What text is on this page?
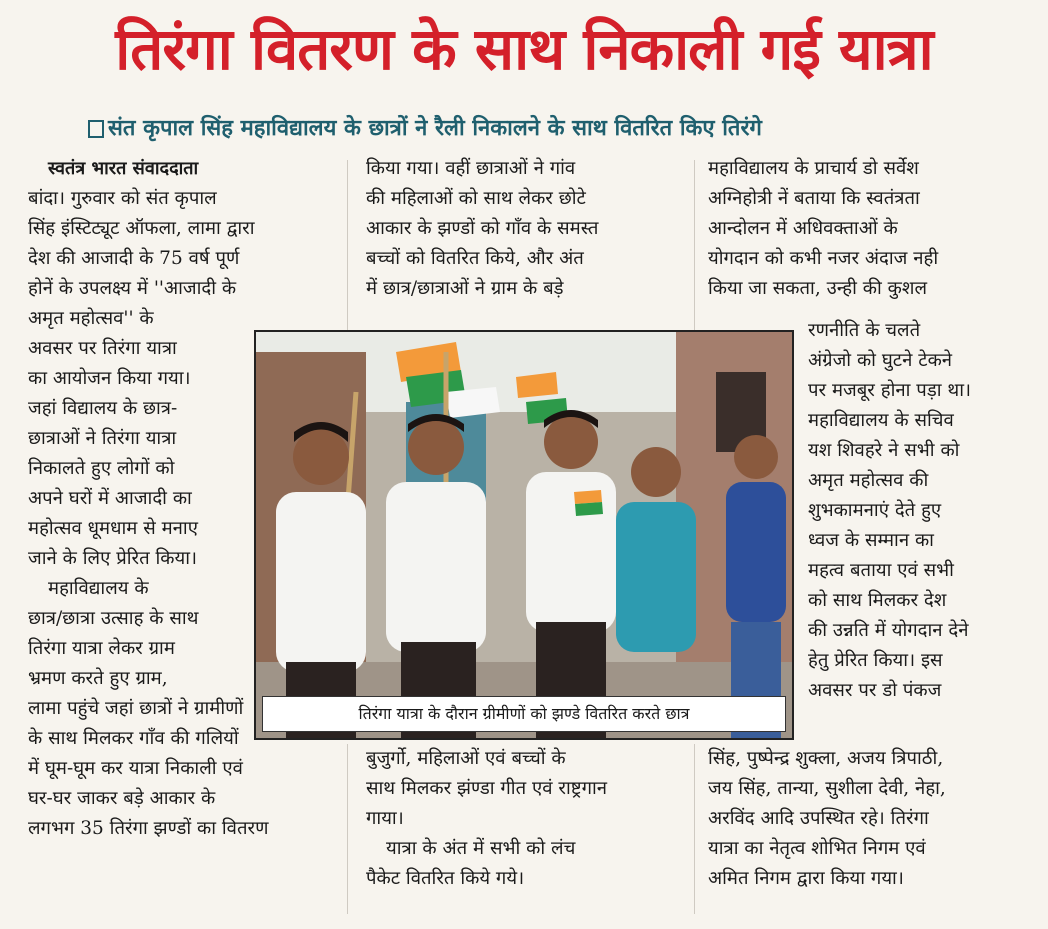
तिरंगा वितरण के साथ निकाली गई यात्रा
संत कृपाल सिंह महाविद्यालय के छात्रों ने रैली निकालने के साथ वितरित किए तिरंगे
स्वतंत्र भारत संवाददाता
बांदा। गुरुवार को संत कृपाल
सिंह इंस्टिट्यूट ऑफला, लामा द्वारा
देश की आजादी के 75 वर्ष पूर्ण
होनें के उपलक्ष्य में ''आजादी के
अमृत महोत्सव'' के
अवसर पर तिरंगा यात्रा
का आयोजन किया गया।
जहां विद्यालय के छात्र-
छात्राओं ने तिरंगा यात्रा
निकालते हुए लोगों को
अपने घरों में आजादी का
महोत्सव धूमधाम से मनाए
जाने के लिए प्रेरित किया।
महाविद्यालय के
छात्र/छात्रा उत्साह के साथ
तिरंगा यात्रा लेकर ग्राम
भ्रमण करते हुए ग्राम,
लामा पहुंचे जहां छात्रों ने ग्रामीणों
के साथ मिलकर गाँव की गलियों
में घूम-घूम कर यात्रा निकाली एवं
घर-घर जाकर बड़े आकार के
लगभग 35 तिरंगा झण्डों का वितरण
किया गया। वहीं छात्राओं ने गांव
की महिलाओं को साथ लेकर छोटे
आकार के झण्डों को गाँव के समस्त
बच्चों को वितरित किये, और अंत
में छात्र/छात्राओं ने ग्राम के बड़े
महाविद्यालय के प्राचार्य डो सर्वेश
अग्निहोत्री नें बताया कि स्वतंत्रता
आन्दोलन में अधिवक्ताओं के
योगदान को कभी नजर अंदाज नही
किया जा सकता, उन्ही की कुशल
रणनीति के चलते
अंग्रेजो को घुटने टेकने
पर मजबूर होना पड़ा था।
महाविद्यालय के सचिव
यश शिवहरे ने सभी को
अमृत महोत्सव की
शुभकामनाएं देते हुए
ध्वज के सम्मान का
महत्व बताया एवं सभी
को साथ मिलकर देश
की उन्नति में योगदान देने
हेतु प्रेरित किया। इस
अवसर पर डो पंकज
तिरंगा यात्रा के दौरान ग्रीमीणों को झण्डे वितरित करते छात्र
बुजुर्गो, महिलाओं एवं बच्चों के
साथ मिलकर झंण्डा गीत एवं राष्ट्रगान
गाया।
यात्रा के अंत में सभी को लंच
पैकेट वितरित किये गये।
सिंह, पुष्पेन्द्र शुक्ला, अजय त्रिपाठी,
जय सिंह, तान्या, सुशीला देवी, नेहा,
अरविंद आदि उपस्थित रहे। तिरंगा
यात्रा का नेतृत्व शोभित निगम एवं
अमित निगम द्वारा किया गया।
